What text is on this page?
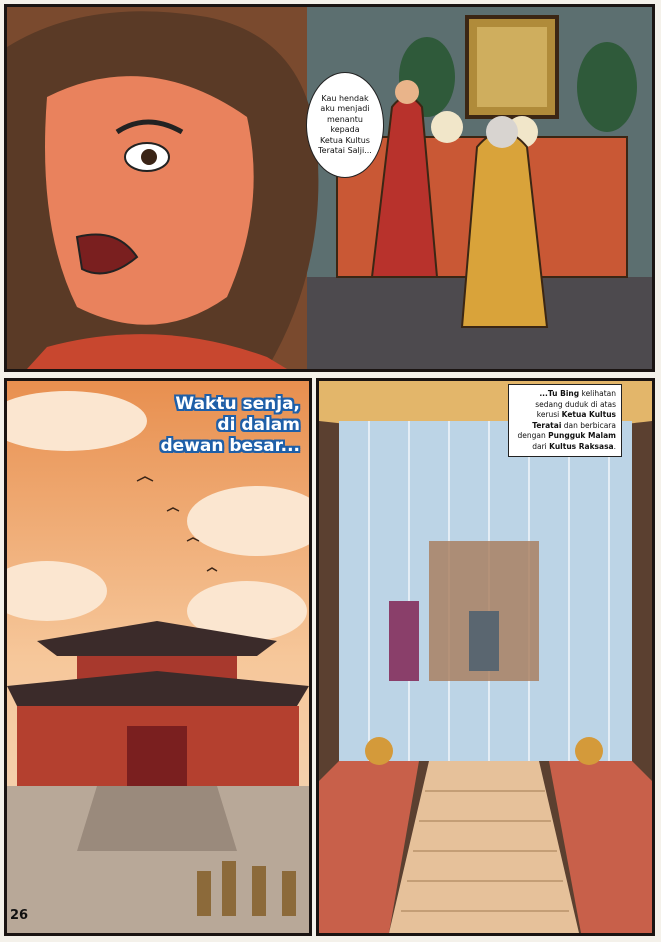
Kau hendak
aku menjadi
menantu
kepada
Ketua Kultus
Teratai Salji...
Waktu senja,
di dalam
dewan besar...
...Tu Bing kelihatan
sedang duduk di atas
kerusi Ketua Kultus
Teratai dan berbicara
dengan Pungguk Malam
dari Kultus Raksasa.
26
